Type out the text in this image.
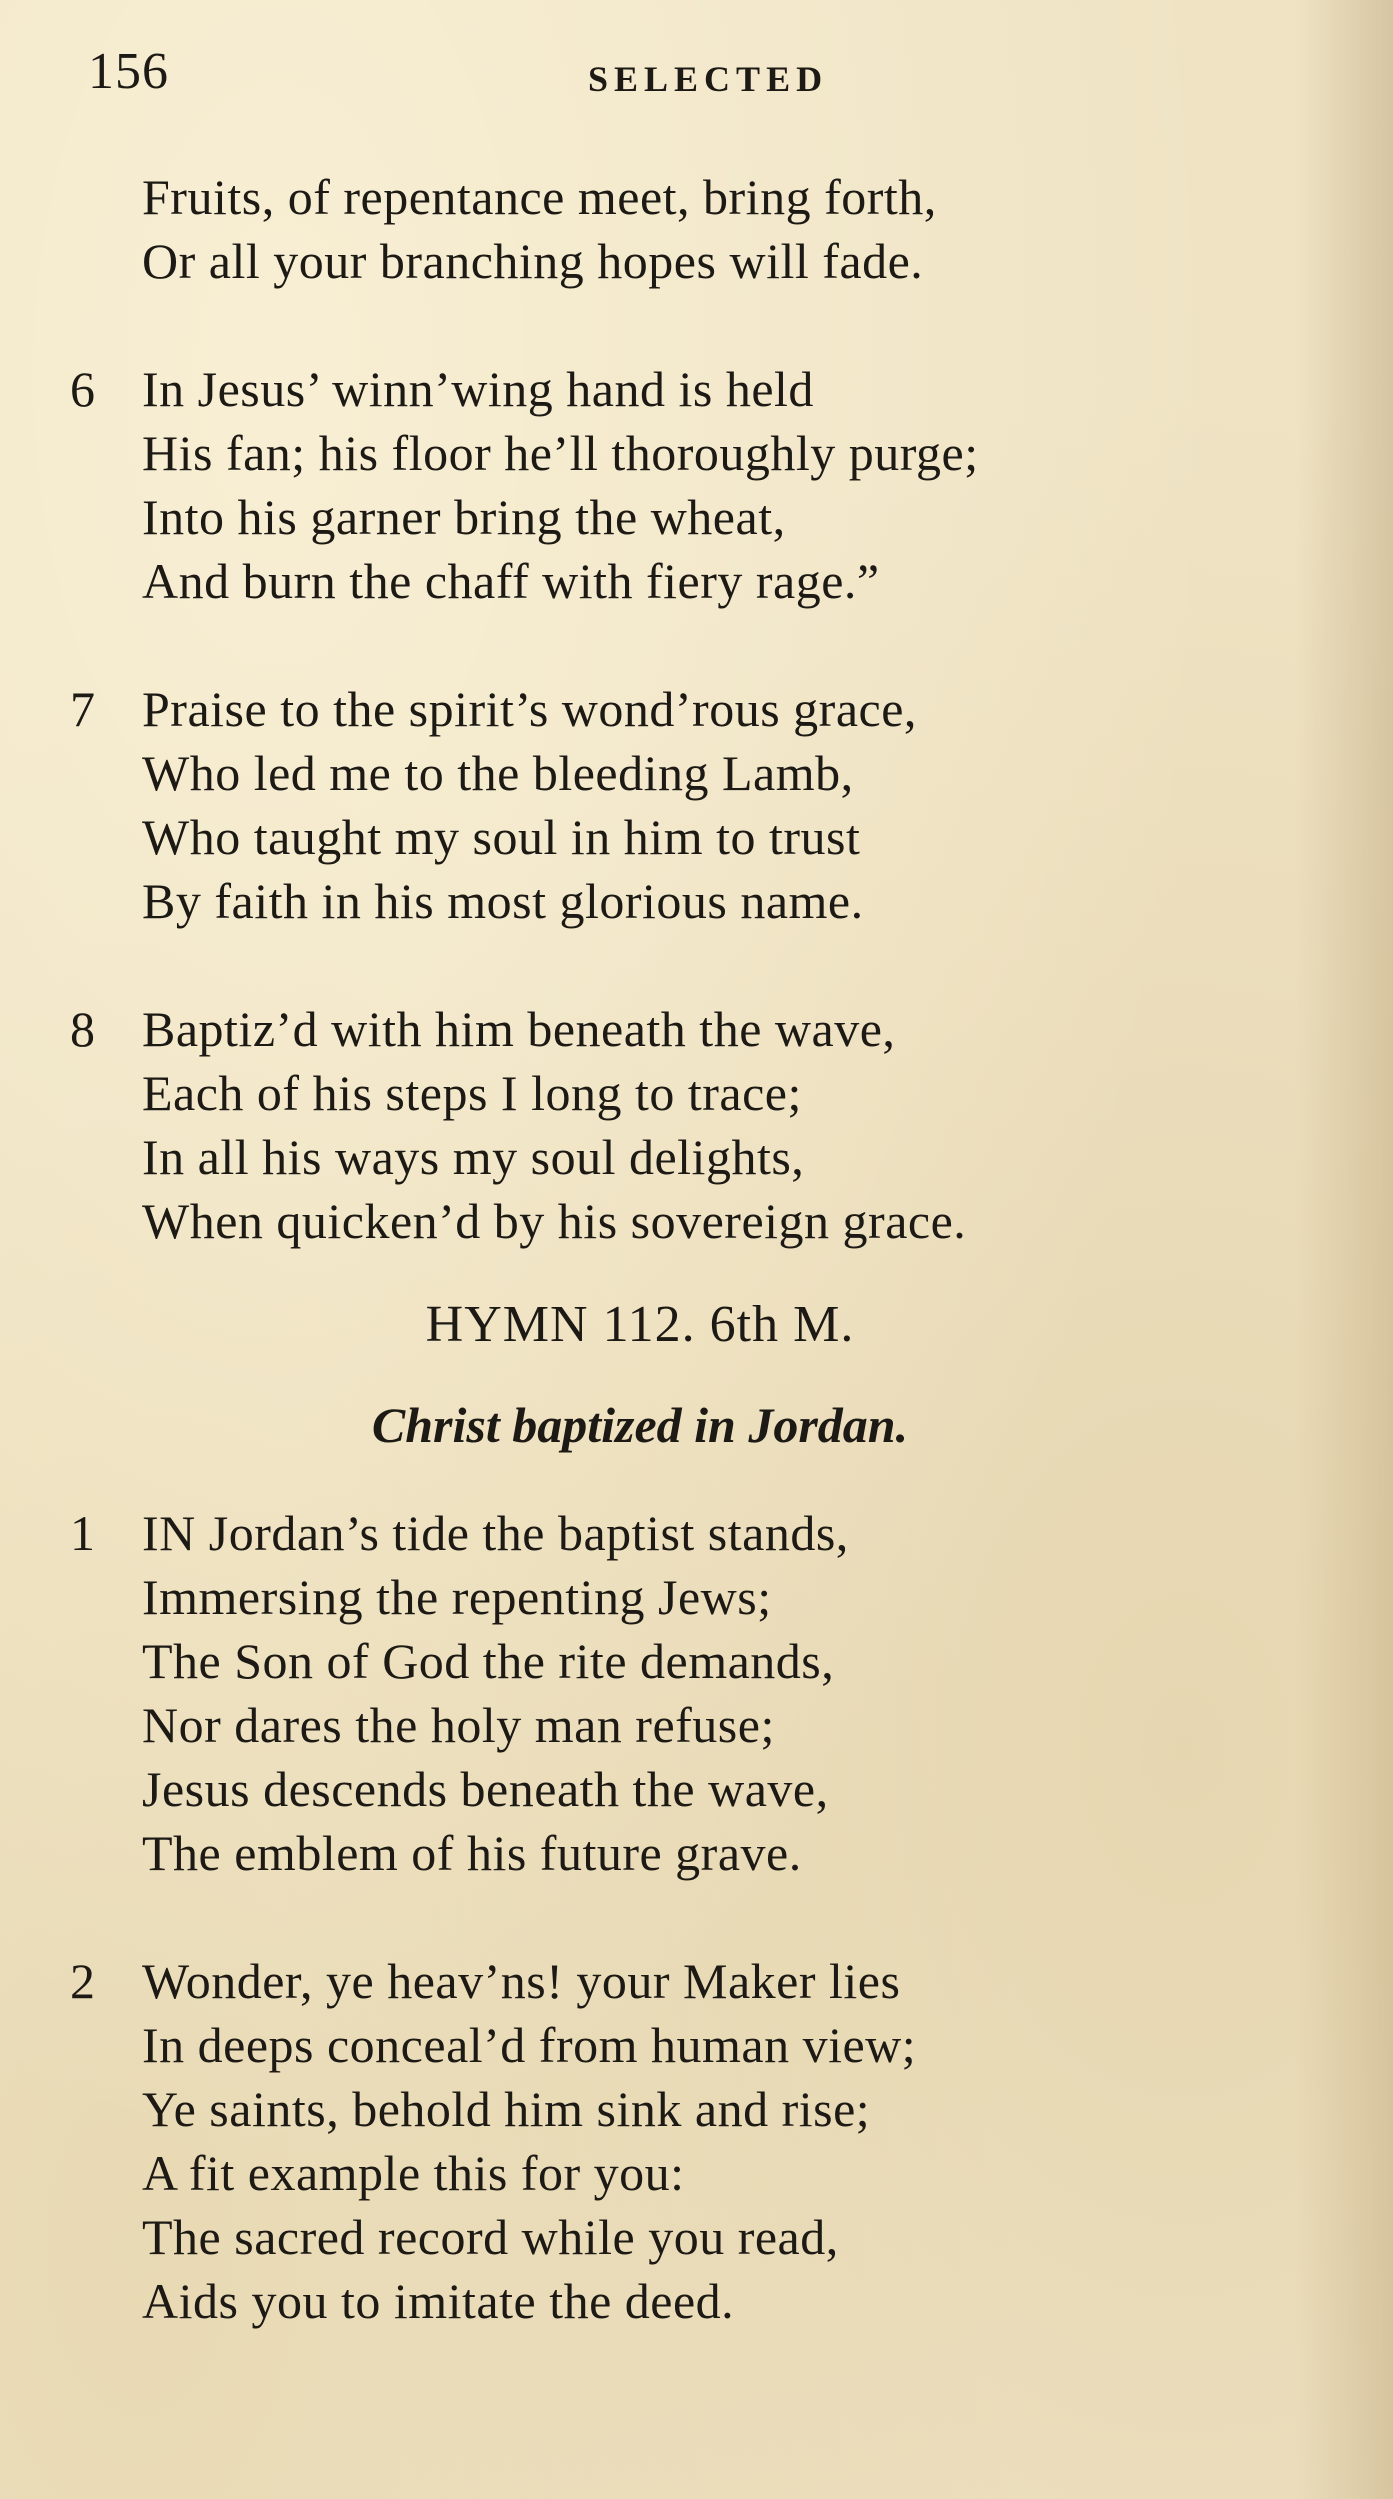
156	SELECTED
Fruits, of repentance meet, bring forth,
Or all your branching hopes will fade.
6 In Jesus’ winn’wing hand is held
His fan; his floor he’ll thoroughly purge;
Into his garner bring the wheat,
And burn the chaff with fiery rage.”
7 Praise to the spirit’s wond’rous grace,
Who led me to the bleeding Lamb,
Who taught my soul in him to trust
By faith in his most glorious name.
8 Baptiz’d with him beneath the wave,
Each of his steps I long to trace;
In all his ways my soul delights,
When quicken’d by his sovereign grace.
HYMN 112. 6th M.
Christ baptized in Jordan.
1 IN Jordan’s tide the baptist stands,
Immersing the repenting Jews;
The Son of God the rite demands,
Nor dares the holy man refuse;
Jesus descends beneath the wave,
The emblem of his future grave.
2 Wonder, ye heav’ns! your Maker lies
In deeps conceal’d from human view;
Ye saints, behold him sink and rise;
A fit example this for you:
The sacred record while you read,
Aids you to imitate the deed.
